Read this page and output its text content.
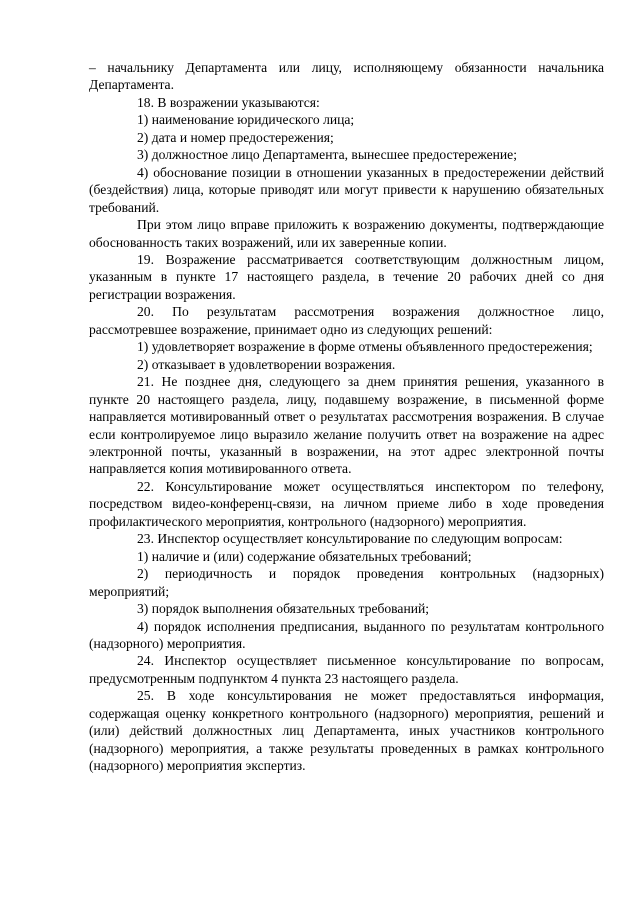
– начальнику Департамента или лицу, исполняющему обязанности начальника Департамента.

18. В возражении указываются:

1) наименование юридического лица;

2) дата и номер предостережения;

3) должностное лицо Департамента, вынесшее предостережение;

4) обоснование позиции в отношении указанных в предостережении действий (бездействия) лица, которые приводят или могут привести к нарушению обязательных требований.

При этом лицо вправе приложить к возражению документы, подтверждающие обоснованность таких возражений, или их заверенные копии.

19. Возражение рассматривается соответствующим должностным лицом, указанным в пункте 17 настоящего раздела, в течение 20 рабочих дней со дня регистрации возражения.

20. По результатам рассмотрения возражения должностное лицо, рассмотревшее возражение, принимает одно из следующих решений:

1) удовлетворяет возражение в форме отмены объявленного предостережения;

2) отказывает в удовлетворении возражения.

21. Не позднее дня, следующего за днем принятия решения, указанного в пункте 20 настоящего раздела, лицу, подавшему возражение, в письменной форме направляется мотивированный ответ о результатах рассмотрения возражения. В случае если контролируемое лицо выразило желание получить ответ на возражение на адрес электронной почты, указанный в возражении, на этот адрес электронной почты направляется копия мотивированного ответа.

22. Консультирование может осуществляться инспектором по телефону, посредством видео-конференц-связи, на личном приеме либо в ходе проведения профилактического мероприятия, контрольного (надзорного) мероприятия.

23. Инспектор осуществляет консультирование по следующим вопросам:

1) наличие и (или) содержание обязательных требований;

2) периодичность и порядок проведения контрольных (надзорных) мероприятий;

3) порядок выполнения обязательных требований;

4) порядок исполнения предписания, выданного по результатам контрольного (надзорного) мероприятия.

24. Инспектор осуществляет письменное консультирование по вопросам, предусмотренным подпунктом 4 пункта 23 настоящего раздела.

25. В ходе консультирования не может предоставляться информация, содержащая оценку конкретного контрольного (надзорного) мероприятия, решений и (или) действий должностных лиц Департамента, иных участников контрольного (надзорного) мероприятия, а также результаты проведенных в рамках контрольного (надзорного) мероприятия экспертиз.
